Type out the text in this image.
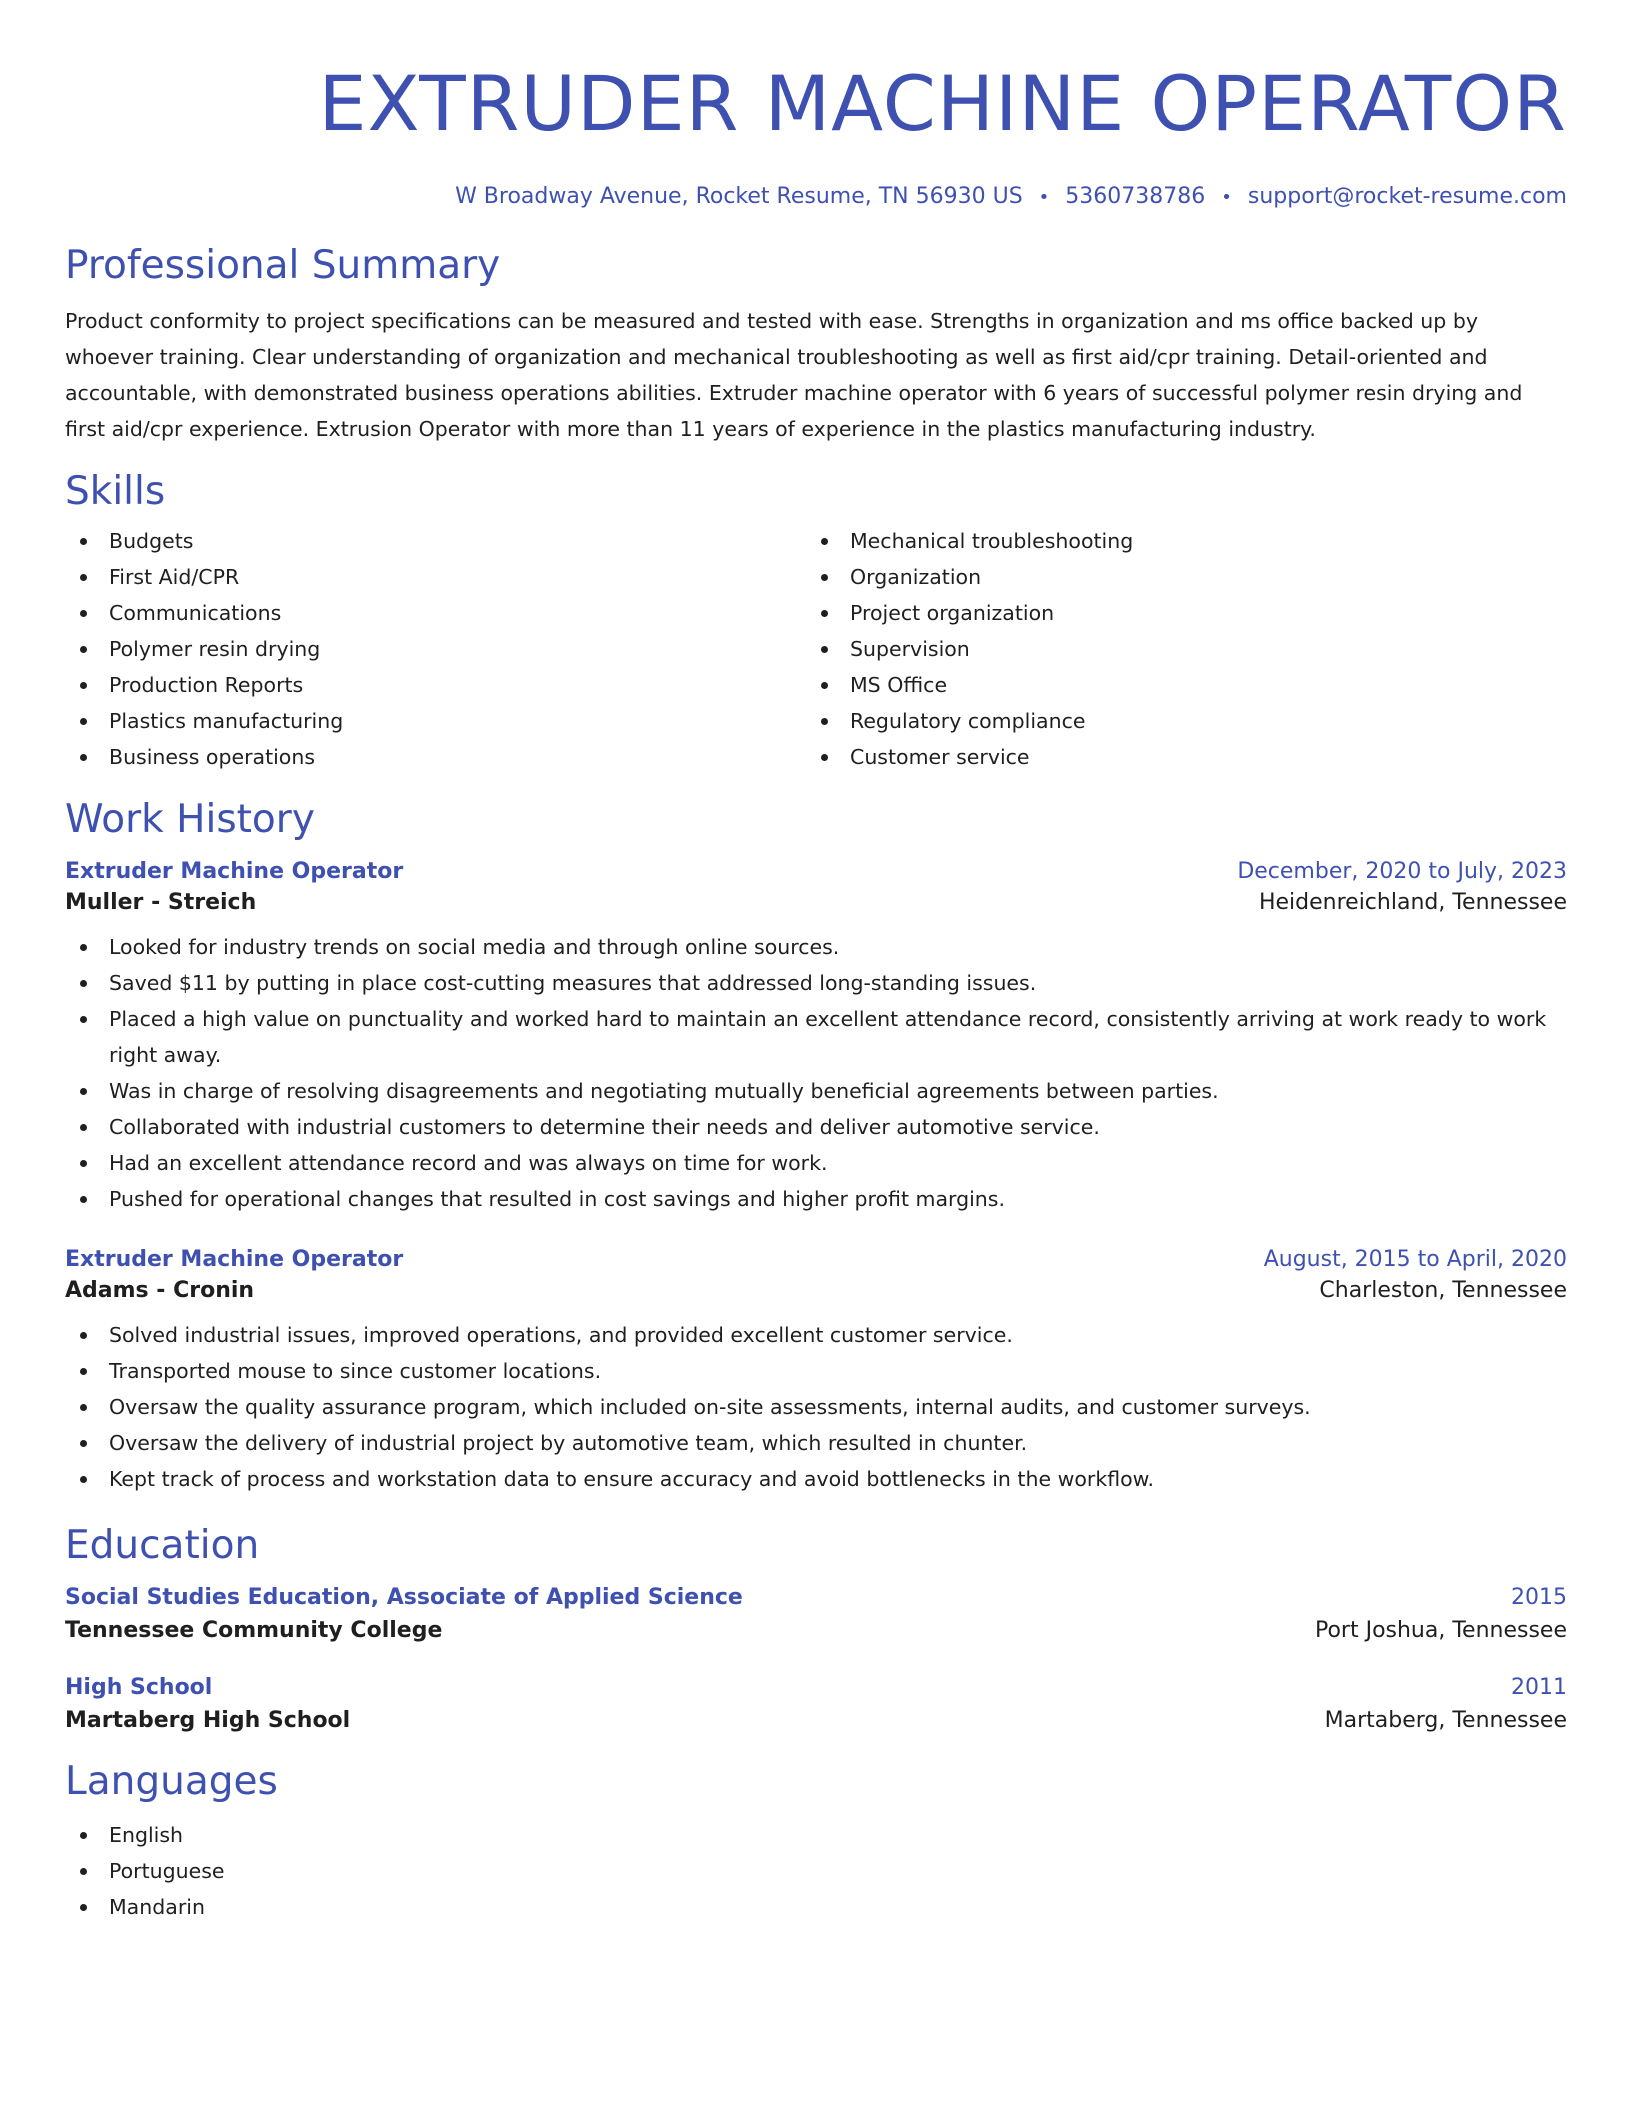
EXTRUDER MACHINE OPERATOR
W Broadway Avenue, Rocket Resume, TN 56930 US • 5360738786 • support@rocket-resume.com
Professional Summary

Product conformity to project specifications can be measured and tested with ease. Strengths in organization and ms office backed up by whoever training. Clear understanding of organization and mechanical troubleshooting as well as first aid/cpr training. Detail-oriented and accountable, with demonstrated business operations abilities. Extruder machine operator with 6 years of successful polymer resin drying and first aid/cpr experience. Extrusion Operator with more than 11 years of experience in the plastics manufacturing industry.

Skills
Budgets
First Aid/CPR
Communications
Polymer resin drying
Production Reports
Plastics manufacturing
Business operations
Mechanical troubleshooting
Organization
Project organization
Supervision
MS Office
Regulatory compliance
Customer service
Work History
Extruder Machine Operator	December, 2020 to July, 2023
Muller - Streich	Heidenreichland, Tennessee
Looked for industry trends on social media and through online sources.
Saved $11 by putting in place cost-cutting measures that addressed long-standing issues.
Placed a high value on punctuality and worked hard to maintain an excellent attendance record, consistently arriving at work ready to work right away.
Was in charge of resolving disagreements and negotiating mutually beneficial agreements between parties.
Collaborated with industrial customers to determine their needs and deliver automotive service.
Had an excellent attendance record and was always on time for work.
Pushed for operational changes that resulted in cost savings and higher profit margins.
Extruder Machine Operator	August, 2015 to April, 2020
Adams - Cronin	Charleston, Tennessee
Solved industrial issues, improved operations, and provided excellent customer service.
Transported mouse to since customer locations.
Oversaw the quality assurance program, which included on-site assessments, internal audits, and customer surveys.
Oversaw the delivery of industrial project by automotive team, which resulted in chunter.
Kept track of process and workstation data to ensure accuracy and avoid bottlenecks in the workflow.
Education
Social Studies Education, Associate of Applied Science	2015
Tennessee Community College	Port Joshua, Tennessee
High School	2011
Martaberg High School	Martaberg, Tennessee
Languages
English
Portuguese
Mandarin
